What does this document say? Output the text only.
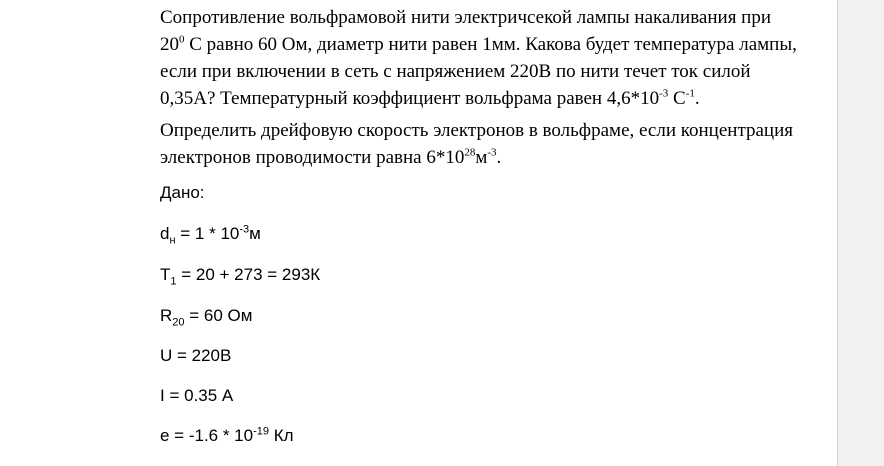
Сопротивление вольфрамовой нити электричсекой лампы накаливания при $20^0$ С равно 60 Ом, диаметр нити равен 1мм. Какова будет температура лампы, если при включении в сеть с напряжением 220В по нити течет ток силой 0,35А? Температурный коэффициент вольфрама равен $4,6*10^{-3}$ $С^{-1}$.

Определить дрейфовую скорость электронов в вольфраме, если концентрация электронов проводимости равна $6*10^{28}м^{-3}$.

Дано:

$d_н = 1 * 10^{-3}м$

$T_1 = 20 + 273 = 293К$

$R_{20} = 60$ Ом

U = 220В

I = 0.35 А

$e = -1.6 * 10^{-19}$ Кл
